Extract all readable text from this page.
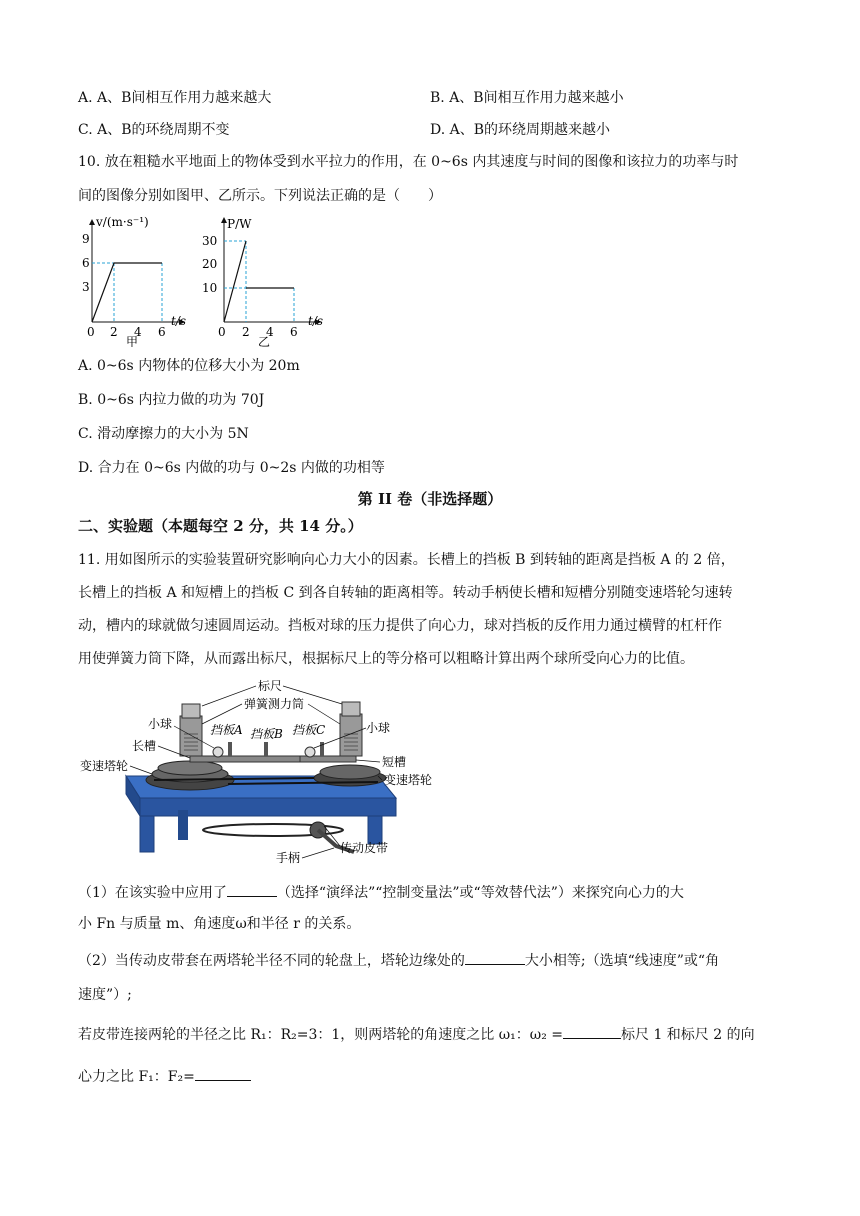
A. A、B间相互作用力越来越大	B. A、B间相互作用力越来越小
C. A、B的环绕周期不变	D. A、B的环绕周期越来越小
10. 放在粗糙水平地面上的物体受到水平拉力的作用，在 0~6s 内其速度与时间的图像和该拉力的功率与时
间的图像分别如图甲、乙所示。下列说法正确的是（　　）
v/(m·s⁻¹)
t/s
9
6
3
0 2 4 6
甲
P/W
t/s
30
20
10
0 2 4 6
乙
A. 0~6s 内物体的位移大小为 20m
B. 0~6s 内拉力做的功为 70J
C. 滑动摩擦力的大小为 5N
D. 合力在 0~6s 内做的功与 0~2s 内做的功相等
第 II 卷（非选择题）
二、实验题（本题每空 2 分，共 14 分。）
11. 用如图所示的实验装置研究影响向心力大小的因素。长槽上的挡板 B 到转轴的距离是挡板 A 的 2 倍，
长槽上的挡板 A 和短槽上的挡板 C 到各自转轴的距离相等。转动手柄使长槽和短槽分别随变速塔轮匀速转
动，槽内的球就做匀速圆周运动。挡板对球的压力提供了向心力，球对挡板的反作用力通过横臂的杠杆作
用使弹簧力筒下降，从而露出标尺，根据标尺上的等分格可以粗略计算出两个球所受向心力的比值。
标尺
弹簧测力筒
小球	小球
挡板A 挡板B 挡板C
长槽
短槽
变速塔轮
变速塔轮
手柄
传动皮带
（1）在该实验中应用了	（选择“演绎法”“控制变量法”或“等效替代法”）来探究向心力的大
小 Fn 与质量 m、角速度ω和半径 r 的关系。
（2）当传动皮带套在两塔轮半径不同的轮盘上，塔轮边缘处的	大小相等;（选填“线速度”或“角
速度”）;
若皮带连接两轮的半径之比 R₁：R₂=3：1，则两塔轮的角速度之比 ω₁：ω₂ =	标尺 1 和标尺 2 的向
心力之比 F₁：F₂=
